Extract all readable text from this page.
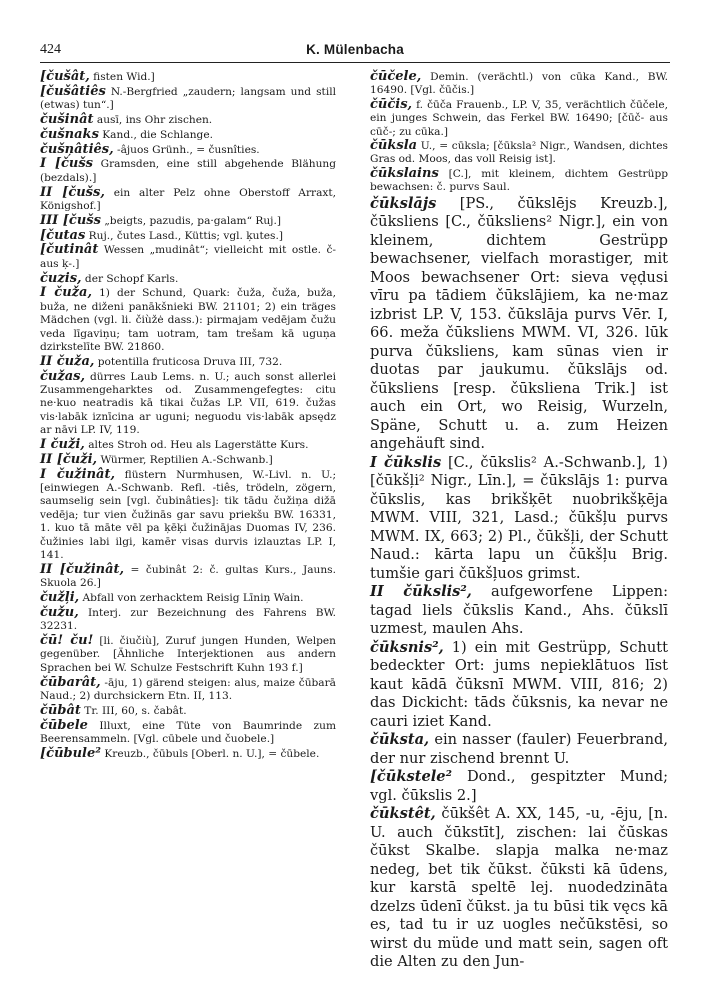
424	K. Mülenbacha

[čušât, fisten Wid.]

[čušâtiês N.-Bergfried „zaudern; langsam und still (etwas) tun“.]

čušinât ausī, ins Ohr zischen.

čušnaks Kand., die Schlange.

čušņâtiês, -âjuos Grünh., = čusnîties.

I [čušs Gramsden, eine still abgehende Blähung (bezdals).]

II [čušs, ein alter Pelz ohne Oberstoff Arraxt, Königshof.]

III [čušs „beigts, pazudis, pa·galam“ Ruj.]

[čutas Ruj., čutes Lasd., Küttis; vgl. ķutes.]

[čutinât Wessen „mudinât“; vielleicht mit ostle. č- aus ķ-.]

čuzis, der Schopf Karls.

I čuža, 1) der Schund, Quark: čuža, čuža, buža, buža, ne diženi panākšnieki BW. 21101; 2) ein träges Mädchen (vgl. li. čiùžė dass.): pirmajam vedējam čužu veda līgaviņu; tam uotram, tam trešam kā uguņa dzirkstelīte BW. 21860.

II čuža, potentilla fruticosa Druva III, 732.

čužas, dürres Laub Lems. n. U.; auch sonst allerlei Zusammengeharktes od. Zusammengefegtes: citu ne·kuo neatradis kā tikai čužas LP. VII, 619. čužas vis·labāk iznīcina ar uguni; neguodu vis·labāk apsędz ar nāvi LP. IV, 119.

I čuži, altes Stroh od. Heu als Lagerstätte Kurs.

II [čuži, Würmer, Reptilien A.-Schwanb.]

I čužinât, flüstern Nurmhusen, W.-Livl. n. U.; [einwiegen A.-Schwanb. Refl. -tiês, trödeln, zögern, saumselig sein [vgl. čubinâties]: tik tādu čužiņa dižā vedēja; tur vien čužinās gar savu priekšu BW. 16331, 1. kuo tā māte vēl pa ķēķi čužinājas Duomas IV, 236. čužinies labi ilgi, kamēr visas durvis izlauztas LP. I, 141.

II [čužinât, = čubinât 2: č. gultas Kurs., Jauns. Skuola 26.]

čužļi, Abfall von zerhacktem Reisig Līniņ Wain.

čužu, Interj. zur Bezeichnung des Fahrens BW. 32231.

čū! ču! [li. čiučiù], Zuruf jungen Hunden, Welpen gegenüber. [Ähnliche Interjektionen aus andern Sprachen bei W. Schulze Festschrift Kuhn 193 f.]

čūbarât, -āju, 1) gärend steigen: alus, maize čūbarā Naud.; 2) durchsickern Etn. II, 113.

čūbât Tr. III, 60, s. čabât.

čūbele Illuxt, eine Tüte von Baumrinde zum Beerensammeln. [Vgl. cūbele und čuobele.]

[čūbule² Kreuzb., čūbuls [Oberl. n. U.], = čūbele.

čūčele, Demin. (verächtl.) von cūka Kand., BW. 16490. [Vgl. čūčis.]

čūčis, f. čūča Frauenb., LP. V, 35, verächtlich čūčele, ein junges Schwein, das Ferkel BW. 16490; [čūč- aus cūč-; zu cūka.]

čūksla U., = cūksla; [čūksla² Nigr., Wandsen, dichtes Gras od. Moos, das voll Reisig ist].

čūkslains [C.], mit kleinem, dichtem Gestrüpp bewachsen: č. purvs Saul.

čūkslājs [PS., čūkslējs Kreuzb.], čūksliens [C., čūksliens² Nigr.], ein von kleinem, dichtem Gestrüpp bewachsener, vielfach morastiger, mit Moos bewachsener Ort: sieva vęḍusi vīru pa tādiem čūkslājiem, ka ne·maz izbrist LP. V, 153. čūkslāja purvs Vēr. I, 66. meža čūksliens MWM. VI, 326. lūk purva čūksliens, kam sūnas vien ir duotas par jaukumu. čūkslājs od. čūksliens [resp. čūksliena Trik.] ist auch ein Ort, wo Reisig, Wurzeln, Späne, Schutt u. a. zum Heizen angehäuft sind.

I čūkslis [C., čūkslis² A.-Schwanb.], 1) [čūkšļi² Nigr., Līn.], = čūkslājs 1: purva čūkslis, kas brikšķēt nuobrikšķēja MWM. VIII, 321, Lasd.; čūkšļu purvs MWM. IX, 663; 2) Pl., čūkšļi, der Schutt Naud.: kārta lapu un čūkšļu Brig. tumšie gari čūkšļuos grimst.

II čūkslis², aufgeworfene Lippen: tagad liels čūkslis Kand., Ahs. čūkslī uzmest, maulen Ahs.

čūksnis², 1) ein mit Gestrüpp, Schutt bedeckter Ort: jums nepieklātuos līst kaut kādā čūksnī MWM. VIII, 816; 2) das Dickicht: tāds čūksnis, ka nevar ne cauri iziet Kand.

čūksta, ein nasser (fauler) Feuerbrand, der nur zischend brennt U.

[čūkstele² Dond., gespitzter Mund; vgl. čūkslis 2.]

čūkstêt, čūkšêt A. XX, 145, -u, -ēju, [n. U. auch čūkstīt], zischen: lai čūskas čūkst Skalbe. slapja malka ne·maz nedeg, bet tik čūkst. čūksti kā ūdens, kur karstā speltē lej. nuodedzināta dzelzs ūdenī čūkst. ja tu būsi tik vęcs kā es, tad tu ir uz uogles nečūkstēsi, so wirst du müde und matt sein, sagen oft die Alten zu den Jun-
